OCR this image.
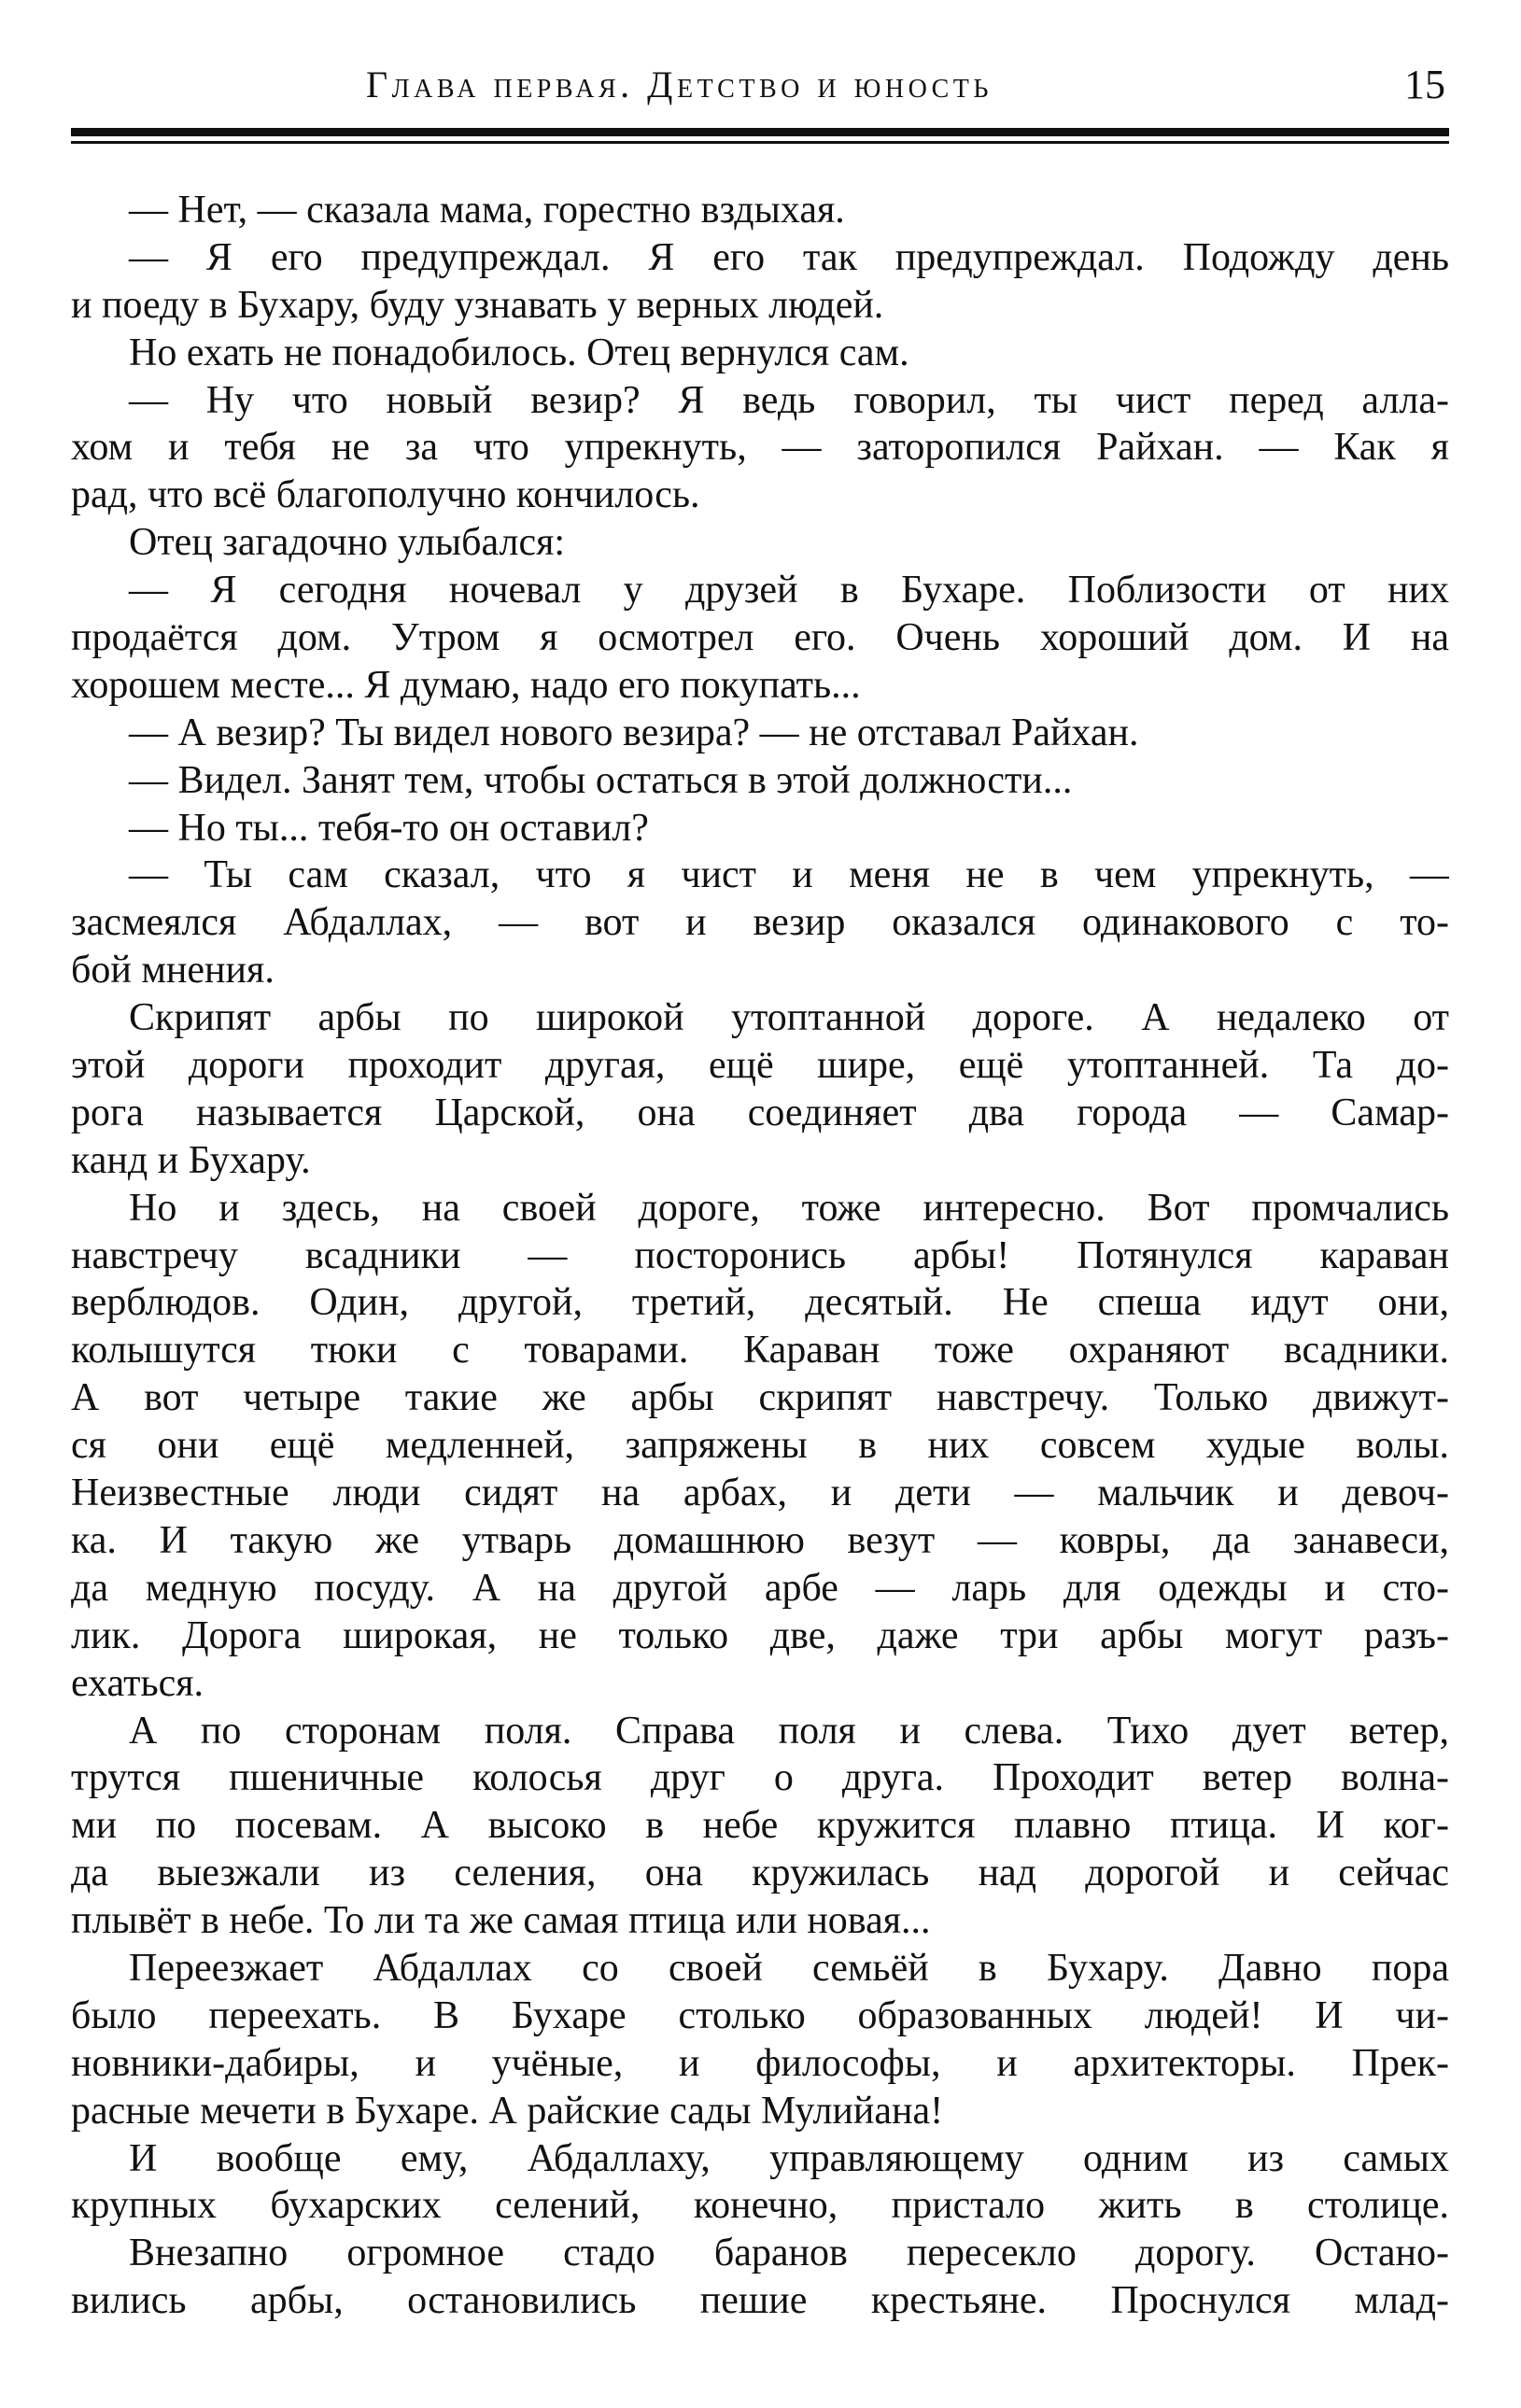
Глава первая. Детство и юность	15
— Нет, — сказала мама, горестно вздыхая.
— Я его предупреждал. Я его так предупреждал. Подожду день
и поеду в Бухару, буду узнавать у верных людей.
Но ехать не понадобилось. Отец вернулся сам.
— Ну что новый везир? Я ведь говорил, ты чист перед алла-
хом и тебя не за что упрекнуть, — заторопился Райхан. — Как я
рад, что всё благополучно кончилось.
Отец загадочно улыбался:
— Я сегодня ночевал у друзей в Бухаре. Поблизости от них
продаётся дом. Утром я осмотрел его. Очень хороший дом. И на
хорошем месте... Я думаю, надо его покупать...
— А везир? Ты видел нового везира? — не отставал Райхан.
— Видел. Занят тем, чтобы остаться в этой должности...
— Но ты... тебя-то он оставил?
— Ты сам сказал, что я чист и меня не в чем упрекнуть, —
засмеялся Абдаллах, — вот и везир оказался одинакового с то-
бой мнения.
Скрипят арбы по широкой утоптанной дороге. А недалеко от
этой дороги проходит другая, ещё шире, ещё утоптанней. Та до-
рога называется Царской, она соединяет два города — Самар-
канд и Бухару.
Но и здесь, на своей дороге, тоже интересно. Вот промчались
навстречу всадники — посторонись арбы! Потянулся караван
верблюдов. Один, другой, третий, десятый. Не спеша идут они,
колышутся тюки с товарами. Караван тоже охраняют всадники.
А вот четыре такие же арбы скрипят навстречу. Только движут-
ся они ещё медленней, запряжены в них совсем худые волы.
Неизвестные люди сидят на арбах, и дети — мальчик и девоч-
ка. И такую же утварь домашнюю везут — ковры, да занавеси,
да медную посуду. А на другой арбе — ларь для одежды и сто-
лик. Дорога широкая, не только две, даже три арбы могут разъ-
ехаться.
А по сторонам поля. Справа поля и слева. Тихо дует ветер,
трутся пшеничные колосья друг о друга. Проходит ветер волна-
ми по посевам. А высоко в небе кружится плавно птица. И ког-
да выезжали из селения, она кружилась над дорогой и сейчас
плывёт в небе. То ли та же самая птица или новая...
Переезжает Абдаллах со своей семьёй в Бухару. Давно пора
было переехать. В Бухаре столько образованных людей! И чи-
новники-дабиры, и учёные, и философы, и архитекторы. Прек-
расные мечети в Бухаре. А райские сады Мулийана!
И вообще ему, Абдаллаху, управляющему одним из самых
крупных бухарских селений, конечно, пристало жить в столице.
Внезапно огромное стадо баранов пересекло дорогу. Остано-
вились арбы, остановились пешие крестьяне. Проснулся млад-
